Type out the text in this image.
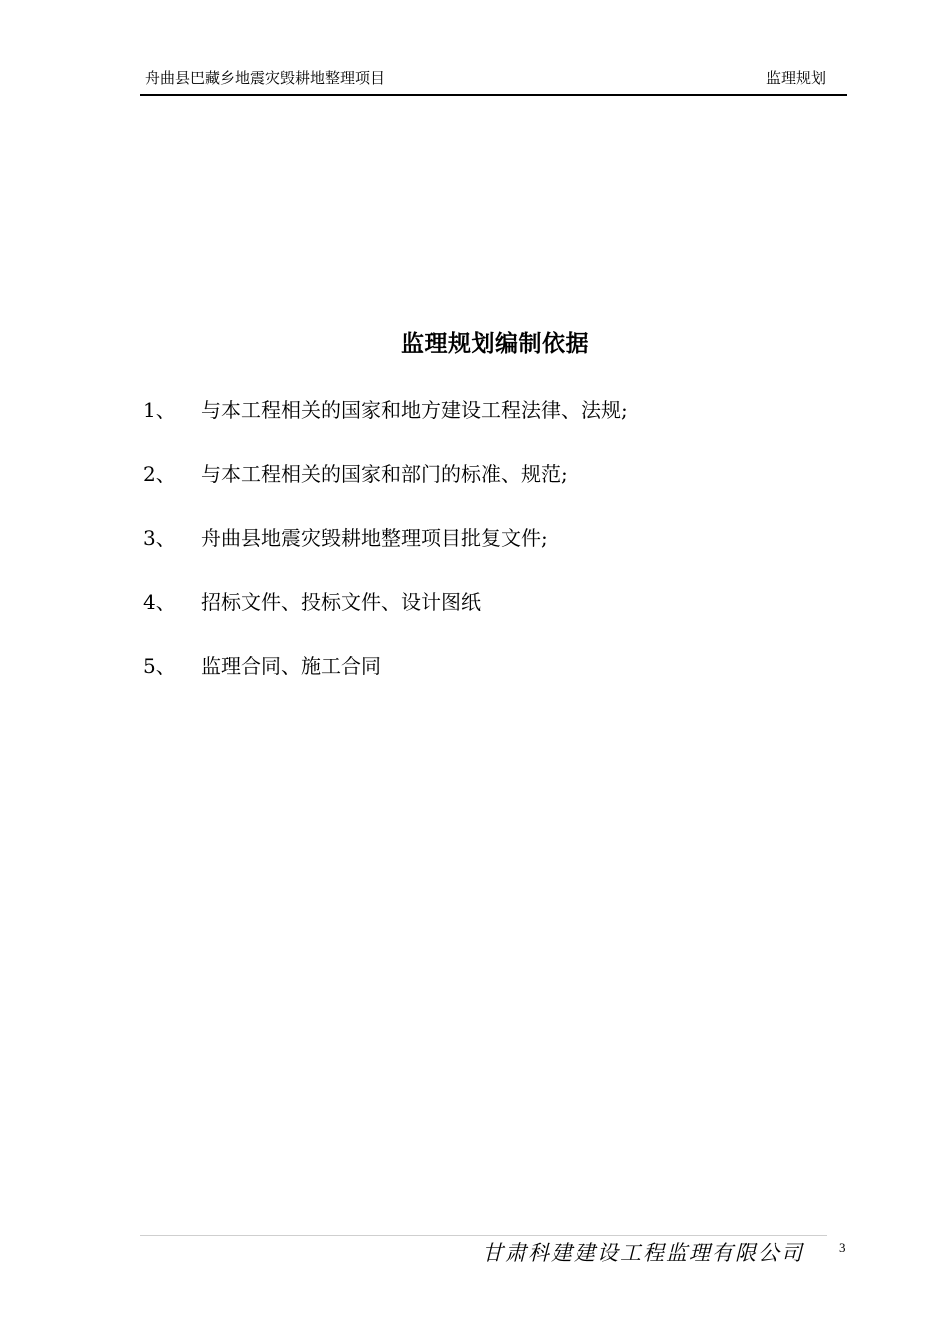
舟曲县巴藏乡地震灾毁耕地整理项目	监理规划
监理规划编制依据
1、 与本工程相关的国家和地方建设工程法律、法规;
2、 与本工程相关的国家和部门的标准、规范;
3、 舟曲县地震灾毁耕地整理项目批复文件;
4、 招标文件、投标文件、设计图纸
5、 监理合同、施工合同
甘肃科建建设工程监理有限公司	3
